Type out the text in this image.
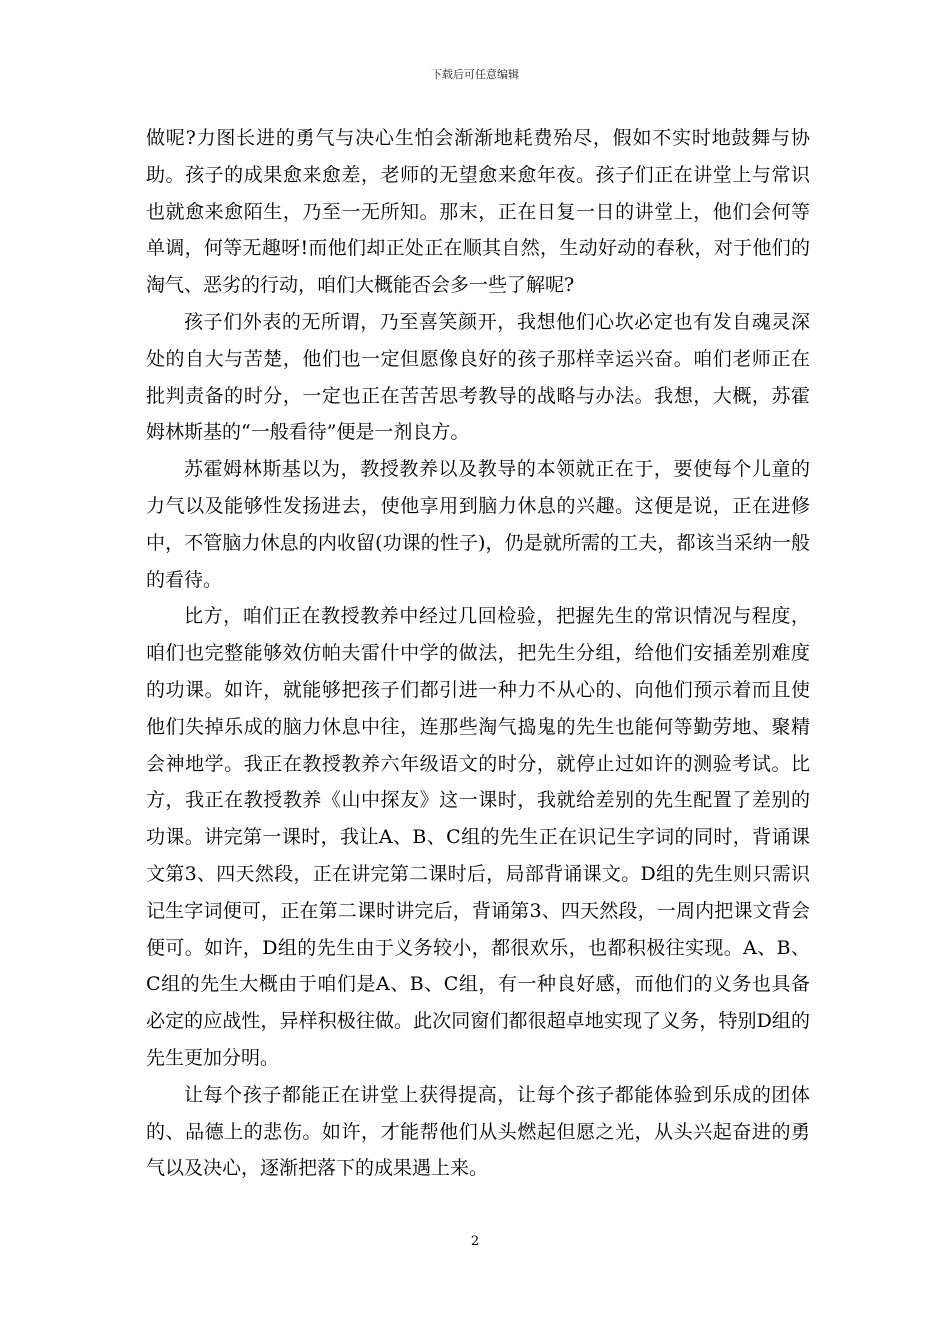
下载后可任意编辑

做呢?力图长进的勇气与决心生怕会渐渐地耗费殆尽，假如不实时地鼓舞与协助。孩子的成果愈来愈差，老师的无望愈来愈年夜。孩子们正在讲堂上与常识也就愈来愈陌生，乃至一无所知。那末，正在日复一日的讲堂上，他们会何等单调，何等无趣呀!而他们却正处正在顺其自然，生动好动的春秋，对于他们的淘气、恶劣的行动，咱们大概能否会多一些了解呢?

孩子们外表的无所谓，乃至喜笑颜开，我想他们心坎必定也有发自魂灵深处的自大与苦楚，他们也一定但愿像良好的孩子那样幸运兴奋。咱们老师正在批判责备的时分，一定也正在苦苦思考教导的战略与办法。我想，大概，苏霍姆林斯基的“一般看待”便是一剂良方。

苏霍姆林斯基以为，教授教养以及教导的本领就正在于，要使每个儿童的力气以及能够性发扬进去，使他享用到脑力休息的兴趣。这便是说，正在进修中，不管脑力休息的内收留(功课的性子)，仍是就所需的工夫，都该当采纳一般的看待。

比方，咱们正在教授教养中经过几回检验，把握先生的常识情况与程度，咱们也完整能够效仿帕夫雷什中学的做法，把先生分组，给他们安插差别难度的功课。如许，就能够把孩子们都引进一种力不从心的、向他们预示着而且使他们失掉乐成的脑力休息中往，连那些淘气捣鬼的先生也能何等勤劳地、聚精会神地学。我正在教授教养六年级语文的时分，就停止过如许的测验考试。比方，我正在教授教养《山中探友》这一课时，我就给差别的先生配置了差别的功课。讲完第一课时，我让A、B、C组的先生正在识记生字词的同时，背诵课文第3、四天然段，正在讲完第二课时后，局部背诵课文。D组的先生则只需识记生字词便可，正在第二课时讲完后，背诵第3、四天然段，一周内把课文背会便可。如许，D组的先生由于义务较小，都很欢乐，也都积极往实现。A、B、C组的先生大概由于咱们是A、B、C组，有一种良好感，而他们的义务也具备必定的应战性，异样积极往做。此次同窗们都很超卓地实现了义务，特别D组的先生更加分明。

让每个孩子都能正在讲堂上获得提高，让每个孩子都能体验到乐成的团体的、品德上的悲伤。如许，才能帮他们从头燃起但愿之光，从头兴起奋进的勇气以及决心，逐渐把落下的成果遇上来。

2
